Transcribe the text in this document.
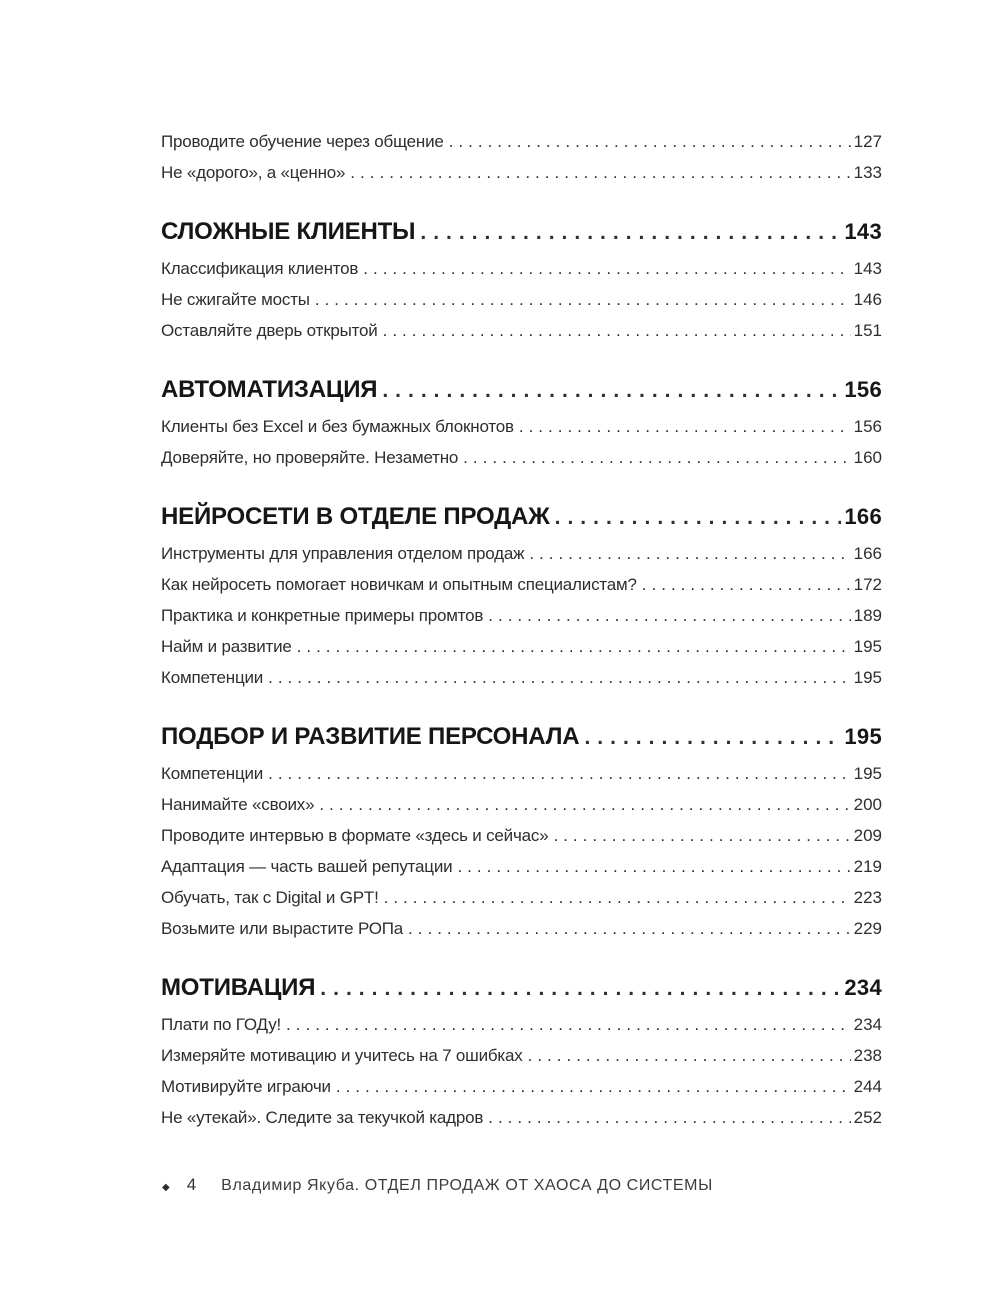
Проводите обучение через общение .....	127
Не «дорого», а «ценно» .....	133
СЛОЖНЫЕ КЛИЕНТЫ .....	143
Классификация клиентов .....	143
Не сжигайте мосты .....	146
Оставляйте дверь открытой .....	151
АВТОМАТИЗАЦИЯ .....	156
Клиенты без Excel и без бумажных блокнотов .....	156
Доверяйте, но проверяйте. Незаметно .....	160
НЕЙРОСЕТИ В ОТДЕЛЕ ПРОДАЖ .....	166
Инструменты для управления отделом продаж .....	166
Как нейросеть помогает новичкам и опытным специалистам? .....	172
Практика и конкретные примеры промтов .....	189
Найм и развитие .....	195
Компетенции .....	195
ПОДБОР И РАЗВИТИЕ ПЕРСОНАЛА .....	195
Компетенции .....	195
Нанимайте «своих» .....	200
Проводите интервью в формате «здесь и сейчас» .....	209
Адаптация — часть вашей репутации .....	219
Обучать, так с Digital и GPT! .....	223
Возьмите или вырастите РОПа .....	229
МОТИВАЦИЯ .....	234
Плати по ГОДу! .....	234
Измеряйте мотивацию и учитесь на 7 ошибках .....	238
Мотивируйте играючи .....	244
Не «утекай». Следите за текучкой кадров .....	252
◆ 4 Владимир Якуба. ОТДЕЛ ПРОДАЖ ОТ ХАОСА ДО СИСТЕМЫ
